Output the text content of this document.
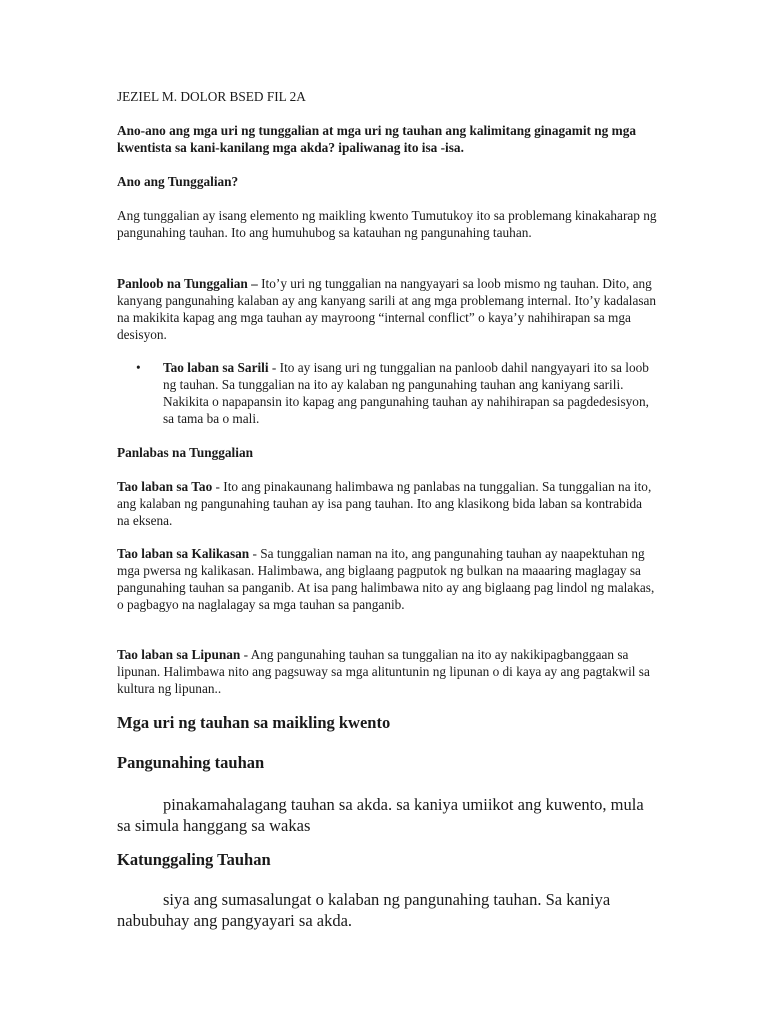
JEZIEL M. DOLOR BSED FIL 2A

Ano-ano ang mga uri ng tunggalian at mga uri ng tauhan ang kalimitang ginagamit ng mga kwentista sa kani-kanilang mga akda? ipaliwanag ito isa -isa.

Ano ang Tunggalian?

Ang tunggalian ay isang elemento ng maikling kwento Tumutukoy ito sa problemang kinakaharap ng pangunahing tauhan. Ito ang humuhubog sa katauhan ng pangunahing tauhan.

Panloob na Tunggalian – Ito’y uri ng tunggalian na nangyayari sa loob mismo ng tauhan. Dito, ang kanyang pangunahing kalaban ay ang kanyang sarili at ang mga problemang internal. Ito’y kadalasan na makikita kapag ang mga tauhan ay mayroong “internal conflict” o kaya’y nahihirapan sa mga desisyon.

• Tao laban sa Sarili - Ito ay isang uri ng tunggalian na panloob dahil nangyayari ito sa loob ng tauhan. Sa tunggalian na ito ay kalaban ng pangunahing tauhan ang kaniyang sarili. Nakikita o napapansin ito kapag ang pangunahing tauhan ay nahihirapan sa pagdedesisyon, sa tama ba o mali.

Panlabas na Tunggalian

Tao laban sa Tao - Ito ang pinakaunang halimbawa ng panlabas na tunggalian. Sa tunggalian na ito, ang kalaban ng pangunahing tauhan ay isa pang tauhan. Ito ang klasikong bida laban sa kontrabida na eksena.

Tao laban sa Kalikasan - Sa tunggalian naman na ito, ang pangunahing tauhan ay naapektuhan ng mga pwersa ng kalikasan. Halimbawa, ang biglaang pagputok ng bulkan na maaaring maglagay sa pangunahing tauhan sa panganib. At isa pang halimbawa nito ay ang biglaang pag lindol ng malakas, o pagbagyo na naglalagay sa mga tauhan sa panganib.

Tao laban sa Lipunan - Ang pangunahing tauhan sa tunggalian na ito ay nakikipagbanggaan sa lipunan. Halimbawa nito ang pagsuway sa mga alituntunin ng lipunan o di kaya ay ang pagtakwil sa kultura ng lipunan..

Mga uri ng tauhan sa maikling kwento

Pangunahing tauhan

pinakamahalagang tauhan sa akda. sa kaniya umiikot ang kuwento, mula sa simula hanggang sa wakas

Katunggaling Tauhan

siya ang sumasalungat o kalaban ng pangunahing tauhan. Sa kaniya nabubuhay ang pangyayari sa akda.
